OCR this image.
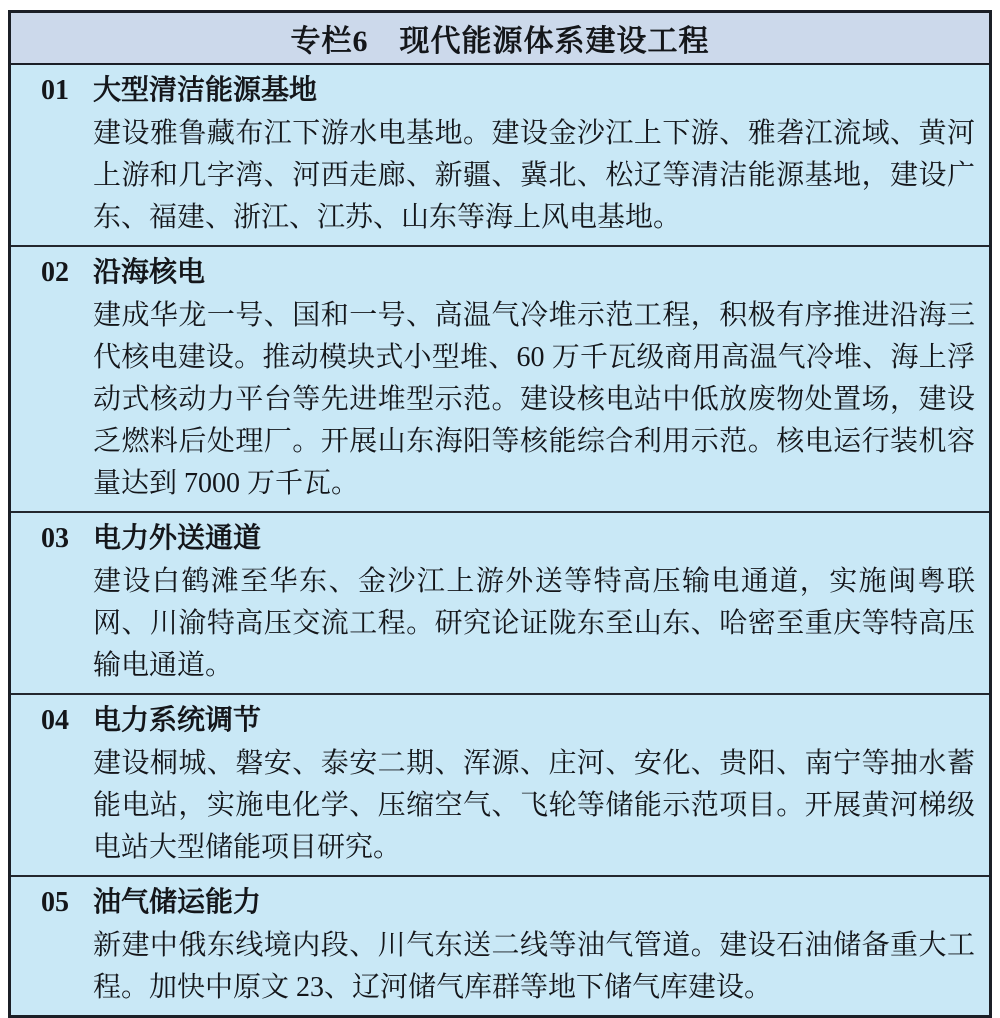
专栏6　现代能源体系建设工程
01 大型清洁能源基地

建设雅鲁藏布江下游水电基地。建设金沙江上下游、雅砻江流域、黄河上游和几字湾、河西走廊、新疆、冀北、松辽等清洁能源基地，建设广东、福建、浙江、江苏、山东等海上风电基地。

02 沿海核电

建成华龙一号、国和一号、高温气冷堆示范工程，积极有序推进沿海三代核电建设。推动模块式小型堆、60 万千瓦级商用高温气冷堆、海上浮动式核动力平台等先进堆型示范。建设核电站中低放废物处置场，建设乏燃料后处理厂。开展山东海阳等核能综合利用示范。核电运行装机容量达到 7000 万千瓦。

03 电力外送通道

建设白鹤滩至华东、金沙江上游外送等特高压输电通道，实施闽粤联网、川渝特高压交流工程。研究论证陇东至山东、哈密至重庆等特高压输电通道。

04 电力系统调节

建设桐城、磐安、泰安二期、浑源、庄河、安化、贵阳、南宁等抽水蓄能电站，实施电化学、压缩空气、飞轮等储能示范项目。开展黄河梯级电站大型储能项目研究。

05 油气储运能力

新建中俄东线境内段、川气东送二线等油气管道。建设石油储备重大工程。加快中原文 23、辽河储气库群等地下储气库建设。
